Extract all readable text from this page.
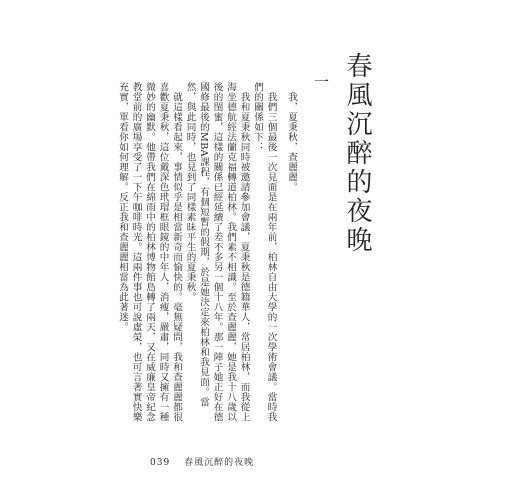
春風沉醉的夜晚
一

我，夏秉秋，查麗麗。

我們三個最後一次見面是在兩年前，柏林自由大學的一次學術會議。當時我們的關係如下：

我和夏秉秋同時被邀請參加會議，夏秉秋是德籍華人，常居柏林，而我從上海坐德航經法蘭克福轉道柏林。我們素不相識。至於查麗麗，她是我十八歲以後的閨蜜，這樣的關係已經延續了差不多另一個十八年。那一陣子她正好在德國修最後的MBA課程，有個短暫的假期，於是她決定來柏林和我見面。當然，與此同時，也見到了同樣素昧平生的夏秉秋。

就這樣看起來，事情似乎是相當新奇而愉快的。毫無疑問，我和查麗麗都很喜歡夏秉秋，這位戴深色玳瑁框眼鏡的中年人，消瘦，嚴肅，同時又擁有一種微妙的幽默。他帶我們在綿雨中的柏林博物館島轉了兩天，又在威廉皇帝紀念教堂前的廣場享受了一下午咖啡時光。這兩件事也可說虛榮，也可言著實快樂充實，單看你如何理解。反正我和查麗麗相當為此著迷。

039 春風沉醉的夜晚
